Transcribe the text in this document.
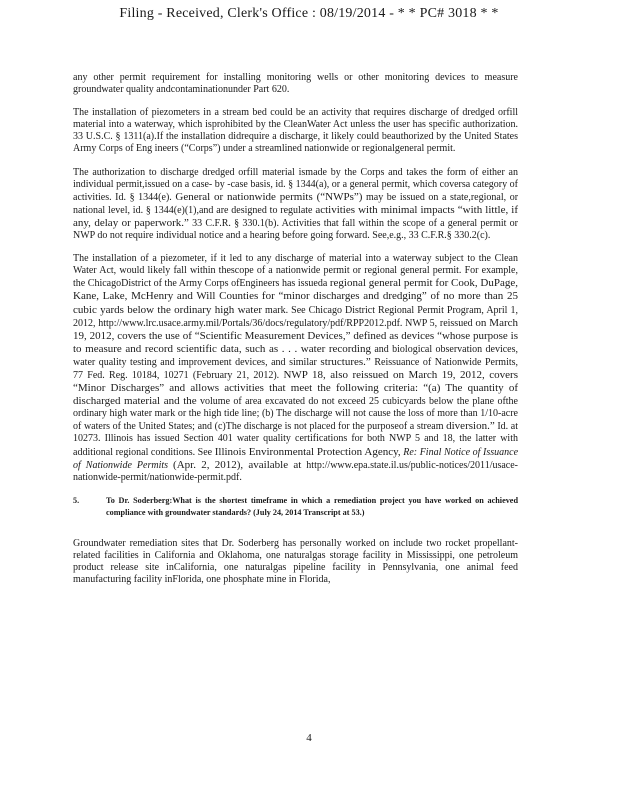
Filing - Received, Clerk's Office : 08/19/2014 - * * PC# 3018 * *

any other permit requirement for installing monitoring wells or other monitoring devices to measure groundwater quality andcontaminationunder Part 620.

The installation of piezometers in a stream bed could be an activity that requires discharge of dredged orfill material into a waterway, which isprohibited by the CleanWater Act unless the user has specific authorization. 33 U.S.C. § 1311(a).If the installation didrequire a discharge, it likely could beauthorized by the United States Army Corps of Eng ineers (“Corps”) under a streamlined nationwide or regionalgeneral permit.

The authorization to discharge dredged orfill material ismade by the Corps and takes the form of either an individual permit,issued on a case- by -case basis, id. § 1344(a), or a general permit, which coversa category of activities. Id. § 1344(e). General or nationwide permits (“NWPs”) may be issued on a state,regional, or national level, id. § 1344(e)(1),and are designed to regulate activities with minimal impacts “with little, if any, delay or paperwork.” 33 C.F.R. § 330.1(b). Activities that fall within the scope of a general permit or NWP do not require individual notice and a hearing before going forward. See,e.g., 33 C.F.R.§ 330.2(c).

The installation of a piezometer, if it led to any discharge of material into a waterway subject to the Clean Water Act, would likely fall within thescope of a nationwide permit or regional general permit. For example, the ChicagoDistrict of the Army Corps ofEngineers has issueda regional general permit for Cook, DuPage, Kane, Lake, McHenry and Will Counties for “minor discharges and dredging” of no more than 25 cubic yards below the ordinary high water mark. See Chicago District Regional Permit Program, April 1, 2012, http://www.lrc.usace.army.mil/Portals/36/docs/regulatory/pdf/RPP2012.pdf. NWP 5, reissued on March 19, 2012, covers the use of “Scientific Measurement Devices,” defined as devices “whose purpose is to measure and record scientific data, such as . . . water recording and biological observation devices, water quality testing and improvement devices, and similar structures.” Reissuance of Nationwide Permits, 77 Fed. Reg. 10184, 10271 (February 21, 2012). NWP 18, also reissued on March 19, 2012, covers “Minor Discharges” and allows activities that meet the following criteria: “(a) The quantity of discharged material and the volume of area excavated do not exceed 25 cubicyards below the plane ofthe ordinary high water mark or the high tide line; (b) The discharge will not cause the loss of more than 1/10-acre of waters of the United States; and (c)The discharge is not placed for the purposeof a stream diversion.” Id. at 10273. Illinois has issued Section 401 water quality certifications for both NWP 5 and 18, the latter with additional regional conditions. See Illinois Environmental Protection Agency, Re: Final Notice of Issuance of Nationwide Permits (Apr. 2, 2012), available at http://www.epa.state.il.us/public-notices/2011/usace-nationwide-permit/nationwide-permit.pdf.

5.	To Dr. Soderberg:What is the shortest timeframe in which a remediation project you have worked on achieved compliance with groundwater standards? (July 24, 2014 Transcript at 53.)

Groundwater remediation sites that Dr. Soderberg has personally worked on include two rocket propellant-related facilities in California and Oklahoma, one naturalgas storage facility in Mississippi, one petroleum product release site inCalifornia, one naturalgas pipeline facility in Pennsylvania, one animal feed manufacturing facility inFlorida, one phosphate mine in Florida,

4
